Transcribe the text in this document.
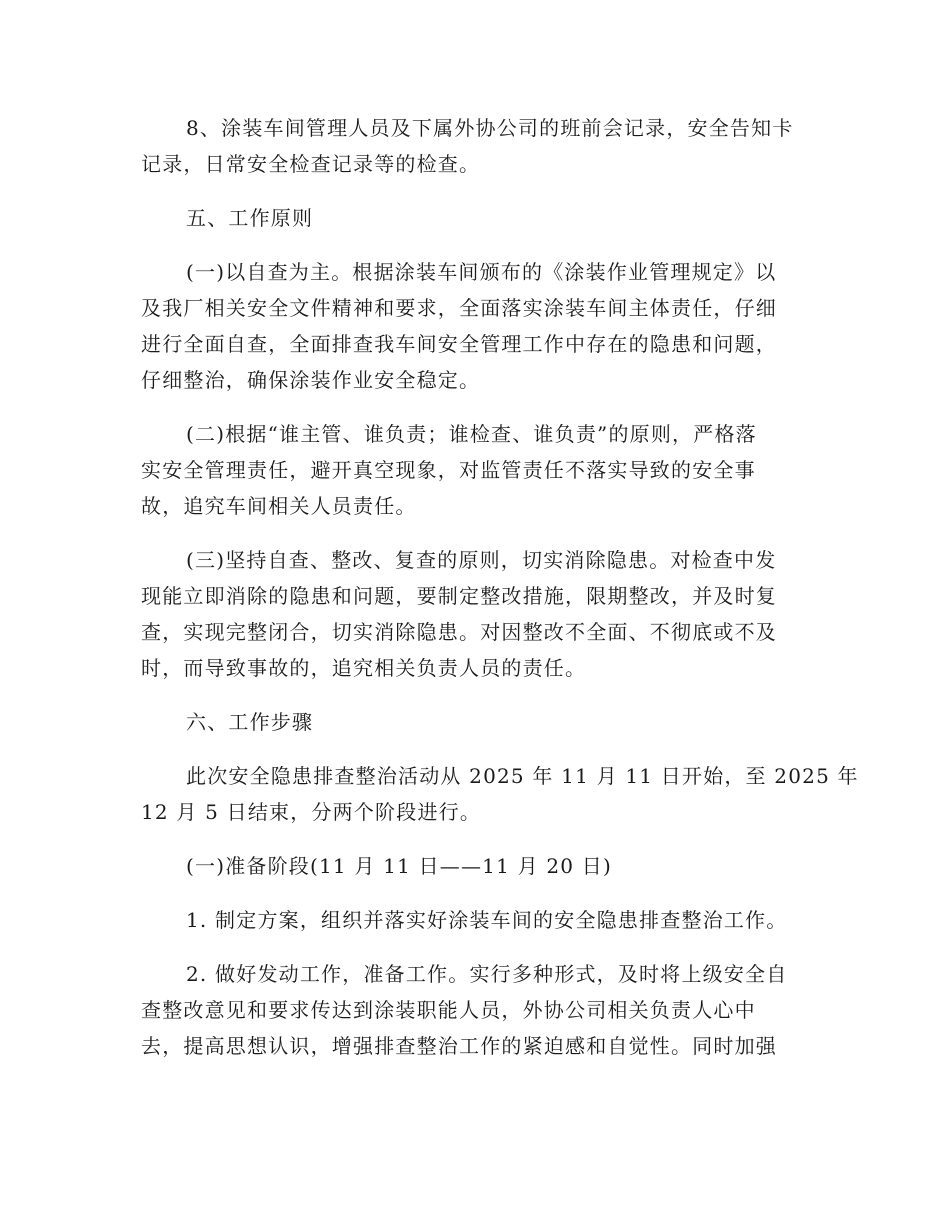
8、涂装车间管理人员及下属外协公司的班前会记录，安全告知卡
记录，日常安全检查记录等的检查。
五、工作原则
(一)以自查为主。根据涂装车间颁布的《涂装作业管理规定》以
及我厂相关安全文件精神和要求，全面落实涂装车间主体责任，仔细
进行全面自查，全面排查我车间安全管理工作中存在的隐患和问题，
仔细整治，确保涂装作业安全稳定。
(二)根据“谁主管、谁负责；谁检查、谁负责”的原则，严格落
实安全管理责任，避开真空现象，对监管责任不落实导致的安全事
故，追究车间相关人员责任。
(三)坚持自查、整改、复查的原则，切实消除隐患。对检查中发
现能立即消除的隐患和问题，要制定整改措施，限期整改，并及时复
查，实现完整闭合，切实消除隐患。对因整改不全面、不彻底或不及
时，而导致事故的，追究相关负责人员的责任。
六、工作步骤
此次安全隐患排查整治活动从 2025 年 11 月 11 日开始，至 2025 年
12 月 5 日结束，分两个阶段进行。
(一)准备阶段(11 月 11 日——11 月 20 日)
1. 制定方案，组织并落实好涂装车间的安全隐患排查整治工作。
2. 做好发动工作，准备工作。实行多种形式，及时将上级安全自
查整改意见和要求传达到涂装职能人员，外协公司相关负责人心中
去，提高思想认识，增强排查整治工作的紧迫感和自觉性。同时加强
